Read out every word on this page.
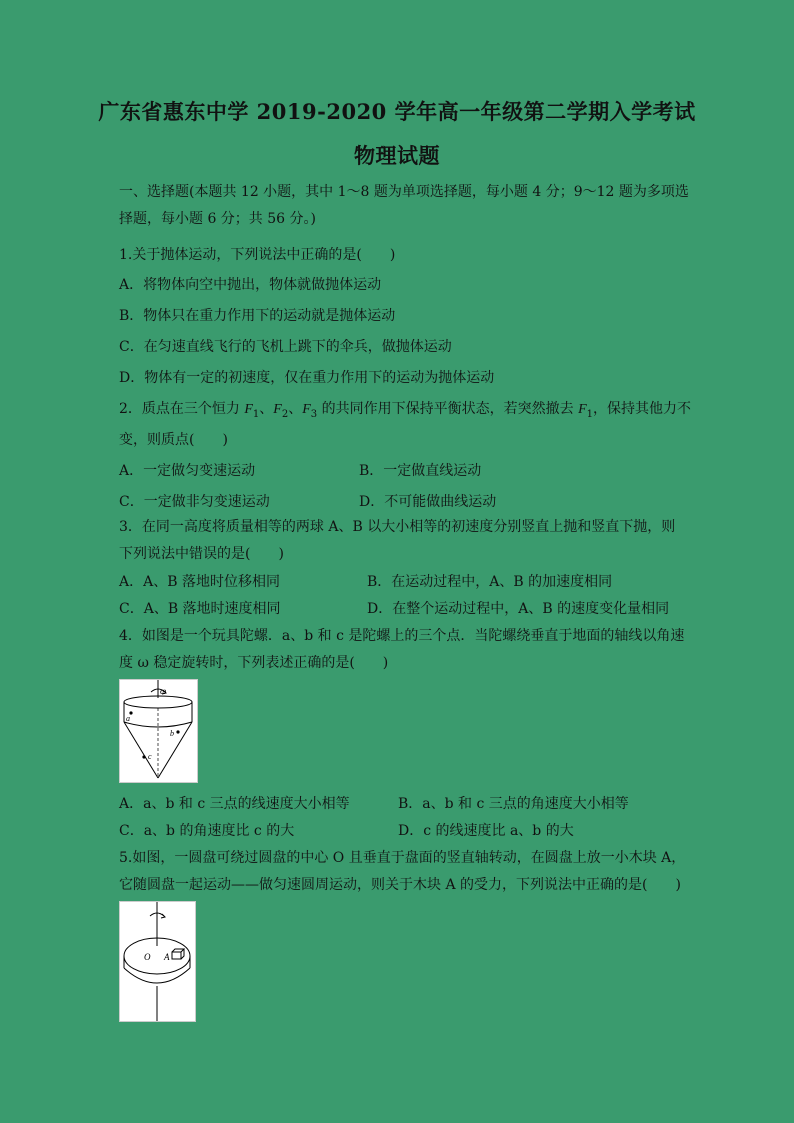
广东省惠东中学 2019-2020 学年高一年级第二学期入学考试
物理试题
一、选择题(本题共 12 小题，其中 1～8 题为单项选择题，每小题 4 分；9～12 题为多项选
择题，每小题 6 分；共 56 分。)
1.关于抛体运动，下列说法中正确的是(　　)
A．将物体向空中抛出，物体就做抛体运动
B．物体只在重力作用下的运动就是抛体运动
C．在匀速直线飞行的飞机上跳下的伞兵，做抛体运动
D．物体有一定的初速度，仅在重力作用下的运动为抛体运动
2．质点在三个恒力 $F_1$、$F_2$、$F_3$ 的共同作用下保持平衡状态，若突然撤去 $F_1$，保持其他力不
变，则质点(　　)
A．一定做匀变速运动	B．一定做直线运动
C．一定做非匀变速运动	D．不可能做曲线运动
3．在同一高度将质量相等的两球 A、B 以大小相等的初速度分别竖直上抛和竖直下抛，则
下列说法中错误的是(　　)
A．A、B 落地时位移相同	B．在运动过程中，A、B 的加速度相同
C．A、B 落地时速度相同	D．在整个运动过程中，A、B 的速度变化量相同
4．如图是一个玩具陀螺．a、b 和 c 是陀螺上的三个点．当陀螺绕垂直于地面的轴线以角速
度 ω 稳定旋转时，下列表述正确的是(　　)
ω
a
b
c
A．a、b 和 c 三点的线速度大小相等	B．a、b 和 c 三点的角速度大小相等
C．a、b 的角速度比 c 的大	D．c 的线速度比 a、b 的大
5.如图，一圆盘可绕过圆盘的中心 O 且垂直于盘面的竖直轴转动，在圆盘上放一小木块 A，
它随圆盘一起运动——做匀速圆周运动，则关于木块 A 的受力，下列说法中正确的是(　　)
O A
